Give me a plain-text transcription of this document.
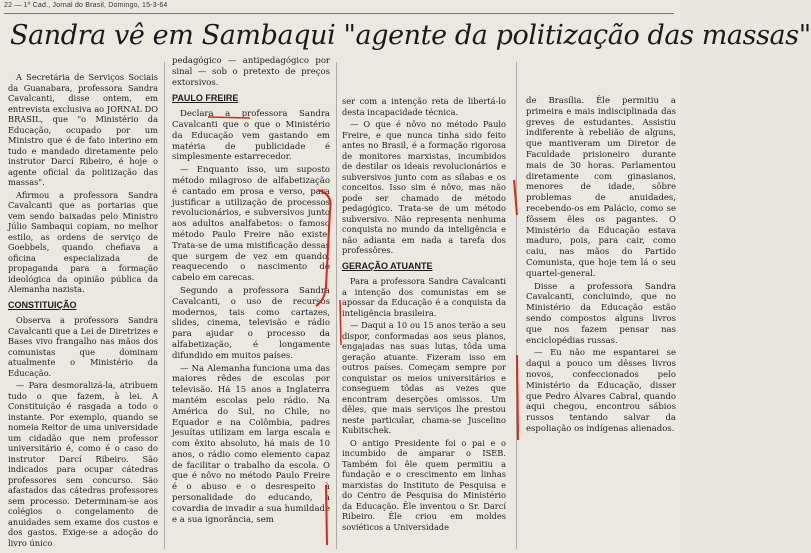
22 — 1º Cad., Jornal do Brasil, Domingo, 15-3-64
Sandra vê em Sambaqui "agente da politização das massas"

A Secretária de Serviços Sociais da Guanabara, professora Sandra Cavalcanti, disse ontem, em entrevista exclusiva ao JORNAL DO BRASIL, que "o Ministério da Educação, ocupado por um Ministro que é de fato interino em tudo e mandado diretamente pelo instrutor Darcí Ribeiro, é hoje o agente oficial da politização das massas".

Afirmou a professora Sandra Cavalcanti que as portarias que vem sendo baixadas pelo Ministro Júlio Sambaqui copiam, no melhor estilo, as ordens de serviço de Goebbels, quando chefiava a oficina especializada de propaganda para a formação ideológica da opinião pública da Alemanha nazista.

CONSTITUIÇÃO

Observa a professora Sandra Cavalcanti que a Lei de Diretrizes e Bases vivo frangalho nas mãos dos comunistas que dominam atualmente o Ministério da Educação.

— Para desmoralizá-la, atribuem tudo o que fazem, à lei. A Constituição é rasgada a todo o instante. Por exemplo, quando se nomeia Reitor de uma universidade um cidadão que nem professor universitário é, como é o caso do instrutor Darcí Ribeiro. São indicados para ocupar cátedras professores sem concurso. São afastados das cátedras professores sem processo. Determinam-se aos colégios o congelamento de anuidades sem exame dos custos e dos gastos. Exige-se a adoção do livro único

pedagógico — antipedagógico por sinal — sob o pretexto de preços extorsivos.

PAULO FREIRE

Declara a professora Sandra Cavalcanti que o que o Ministério da Educação vem gastando em matéria de publicidade é simplesmente estarrecedor.

— Enquanto isso, um suposto método milagroso de alfabetização é cantado em prosa e verso, para justificar a utilização de processos revolucionários, e subversivos junto aos adultos analfabetos: o famoso método Paulo Freire não existe. Trata-se de uma mistificação dessas que surgem de vez em quando, reaquecendo o nascimento do cabelo em carecas.

Segundo a professora Sandra Cavalcanti, o uso de recursos modernos, tais como cartazes, slides, cinema, televisão e rádio para ajudar o processo da alfabetização, é longamente difundido em muitos países.

— Na Alemanha funciona uma das maiores rêdes de escolas por televisão. Há 15 anos a Inglaterra mantém escolas pelo rádio. Na América do Sul, no Chile, no Equador e na Colômbia, padres jesuítas utilizam em larga escala e com êxito absoluto, há mais de 10 anos, o rádio como elemento capaz de facilitar o trabalho da escola. O que é nôvo no método Paulo Freire é o abuso e o desrespeito à personalidade do educando, a covardia de invadir a sua humildade e a sua ignorância, sem

ser com a intenção reta de libertá-lo desta incapacidade técnica.

— O que é nôvo no método Paulo Freire, e que nunca tinha sido feito antes no Brasil, é a formação rigorosa de monitores marxistas, incumbidos de destilar os ideais revolucionários e subversivos junto com as sílabas e os conceitos. Isso sim é nôvo, mas não pode ser chamado de método pedagógico. Trata-se de um método subversivo. Não representa nenhuma conquista no mundo da inteligência e não adianta em nada a tarefa dos professôres.

GERAÇÃO ATUANTE

Para a professora Sandra Cavalcanti a intenção dos comunistas em se apossar da Educação é a conquista da inteligência brasileira.

— Daqui a 10 ou 15 anos terão a seu dispor, conformadas aos seus planos, engajadas nas suas lutas, tôda uma geração atuante. Fizeram isso em outros países. Começam sempre por conquistar os meios universitários e conseguem tôdas as vezes que encontram deserções omissos. Um dêles, que mais serviços lhe prestou neste particular, chama-se Juscelino Kubitschek.

O antigo Presidente foi o pai e o incumbido de amparar o ISEB. Também foi êle quem permitiu a fundação e o crescimento em linhas marxistas do Instituto de Pesquisa e do Centro de Pesquisa do Ministério da Educação. Êle inventou o Sr. Darcí Ribeiro. Êle criou em moldes soviéticos a Universidade

de Brasília. Êle permitiu a primeira e mais indisciplinada das greves de estudantes. Assistiu indiferente à rebelião de alguns, que mantiveram um Diretor de Faculdade prisioneiro durante mais de 30 horas. Parlamentou diretamente com ginasianos, menores de idade, sôbre problemas de anuidades, recebendo-os em Palácio, como se fôssem êles os pagantes. O Ministério da Educação estava maduro, pois, para cair, como caiu, nas mãos do Partido Comunista, que hoje tem lá o seu quartel-general.

Disse a professora Sandra Cavalcanti, concluindo, que no Ministério da Educação estão sendo compostos alguns livros que nos fazem pensar nas enciclopédias russas.

— Eu não me espantarei se daqui a pouco um dêsses livros novos, confeccionados pelo Ministério da Educação, disser que Pedro Álvares Cabral, quando aqui chegou, encontrou sábios russos tentando salvar da espoliação os indígenas alienados.
